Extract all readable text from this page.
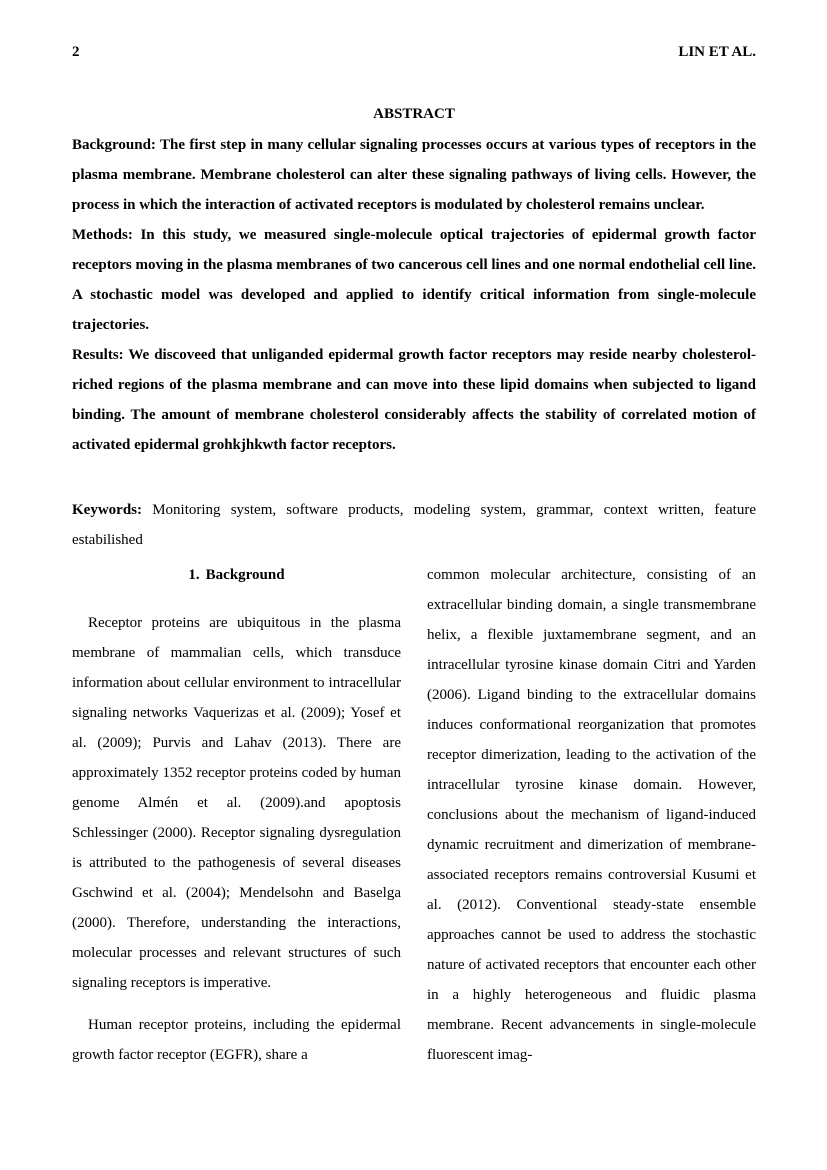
2	LIN ET AL.
ABSTRACT

Background: The first step in many cellular signaling processes occurs at various types of receptors in the plasma membrane. Membrane cholesterol can alter these signaling pathways of living cells. However, the process in which the interaction of activated receptors is modulated by cholesterol remains unclear.

Methods: In this study, we measured single-molecule optical trajectories of epidermal growth factor receptors moving in the plasma membranes of two cancerous cell lines and one normal endothelial cell line. A stochastic model was developed and applied to identify critical information from single-molecule trajectories.

Results: We discoveed that unliganded epidermal growth factor receptors may reside nearby cholesterol-riched regions of the plasma membrane and can move into these lipid domains when subjected to ligand binding. The amount of membrane cholesterol considerably affects the stability of correlated motion of activated epidermal grohkjhkwth factor receptors.

Keywords: Monitoring system, software products, modeling system, grammar, context written, feature estabilished
1. Background

Receptor proteins are ubiquitous in the plasma membrane of mammalian cells, which transduce information about cellular environment to intracellular signaling networks Vaquerizas et al. (2009); Yosef et al. (2009); Purvis and Lahav (2013). There are approximately 1352 receptor proteins coded by human genome Almén et al. (2009).and apoptosis Schlessinger (2000). Receptor signaling dysregulation is attributed to the pathogenesis of several diseases Gschwind et al. (2004); Mendelsohn and Baselga (2000). Therefore, understanding the interactions, molecular processes and relevant structures of such signaling receptors is imperative.

Human receptor proteins, including the epidermal growth factor receptor (EGFR), share a

common molecular architecture, consisting of an extracellular binding domain, a single transmembrane helix, a flexible juxtamembrane segment, and an intracellular tyrosine kinase domain Citri and Yarden (2006). Ligand binding to the extracellular domains induces conformational reorganization that promotes receptor dimerization, leading to the activation of the intracellular tyrosine kinase domain. However, conclusions about the mechanism of ligand-induced dynamic recruitment and dimerization of membrane-associated receptors remains controversial Kusumi et al. (2012). Conventional steady-state ensemble approaches cannot be used to address the stochastic nature of activated receptors that encounter each other in a highly heterogeneous and fluidic plasma membrane. Recent advancements in single-molecule fluorescent imag-
